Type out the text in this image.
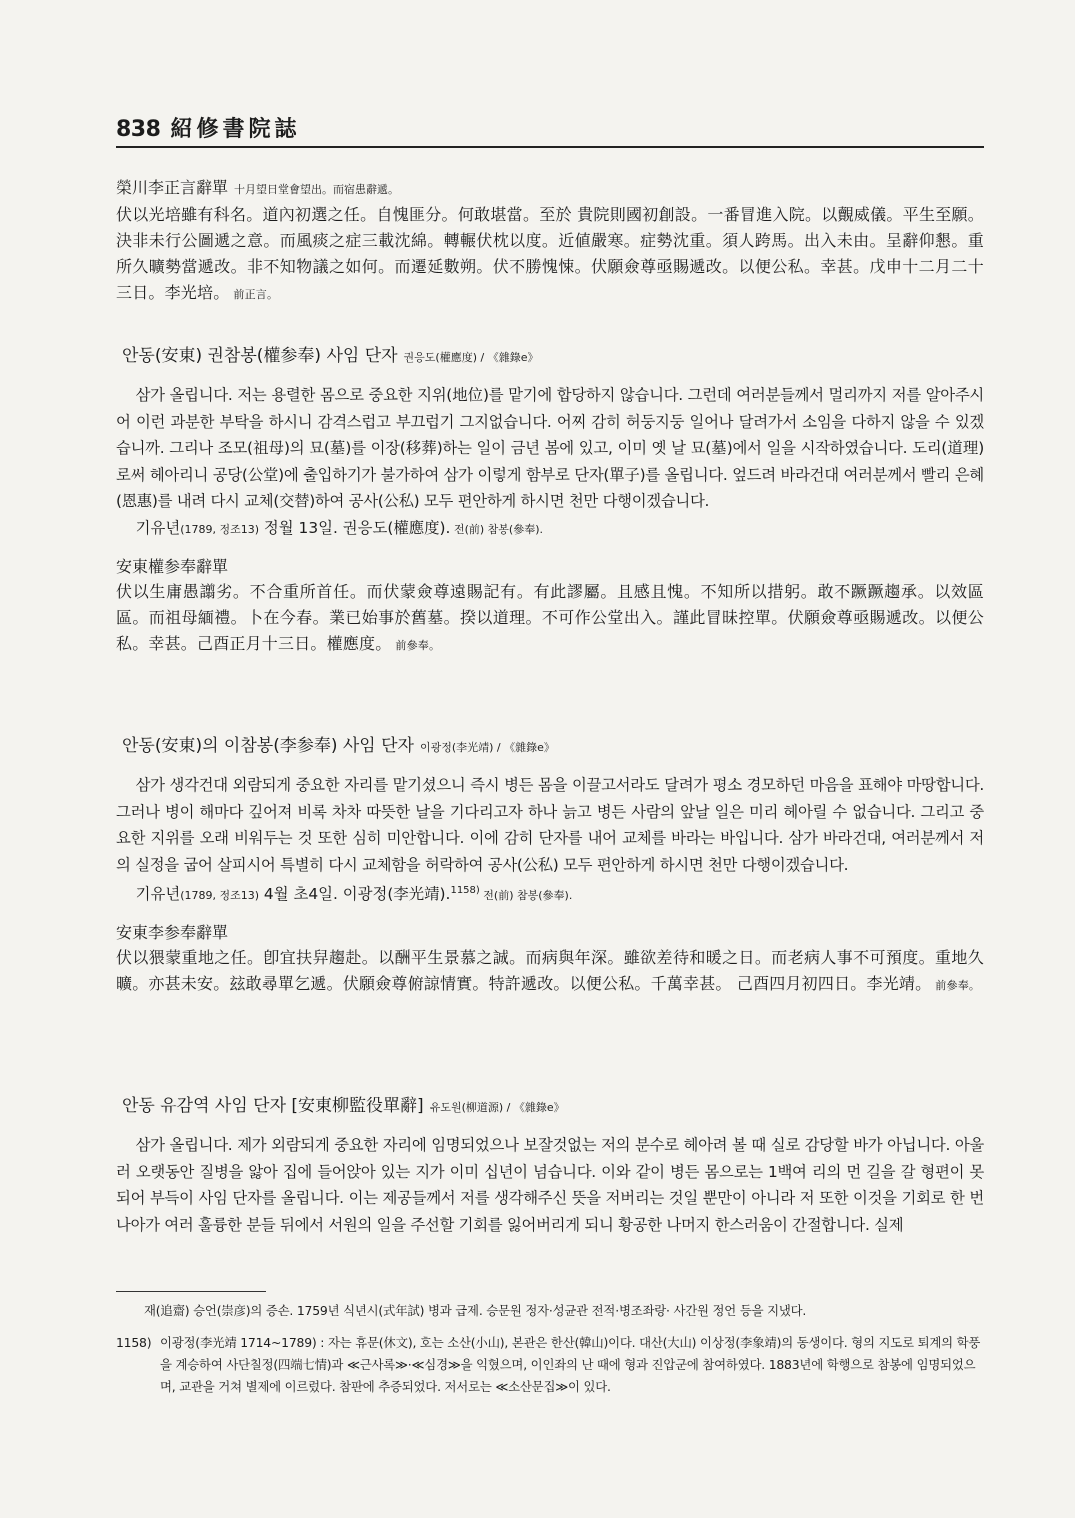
838 紹修書院誌

榮川李正言辭單 十月望日堂會望出。而宿患辭遞。

伏以光培雖有科名。道內初選之任。自愧匪分。何敢堪當。至於 貴院則國初創設。一番冒進入院。以覿威儀。平生至願。決非未行公圖遞之意。而風痰之症三載沈綿。轉輾伏枕以度。近値嚴寒。症勢沈重。須人跨馬。出入未由。呈辭仰懇。重所久曠勢當遞改。非不知物議之如何。而遷延數朔。伏不勝愧悚。伏願僉尊亟賜遞改。以便公私。幸甚。戊申十二月二十三日。李光培。 前正言。

안동(安東) 권참봉(權参奉) 사임 단자 권응도(權應度) / 《雜錄e》

삼가 올립니다. 저는 용렬한 몸으로 중요한 지위(地位)를 맡기에 합당하지 않습니다. 그런데 여러분들께서 멀리까지 저를 알아주시어 이런 과분한 부탁을 하시니 감격스럽고 부끄럽기 그지없습니다. 어찌 감히 허둥지둥 일어나 달려가서 소임을 다하지 않을 수 있겠습니까. 그리나 조모(祖母)의 묘(墓)를 이장(移葬)하는 일이 금년 봄에 있고, 이미 옛 날 묘(墓)에서 일을 시작하였습니다. 도리(道理)로써 헤아리니 공당(公堂)에 출입하기가 불가하여 삼가 이렇게 함부로 단자(單子)를 올립니다. 엎드려 바라건대 여러분께서 빨리 은혜(恩惠)를 내려 다시 교체(交替)하여 공사(公私) 모두 편안하게 하시면 천만 다행이겠습니다.

기유년(1789, 정조13) 정월 13일. 권응도(權應度). 전(前) 참봉(參奉).

安東權参奉辭單

伏以生庸愚譾劣。不合重所首任。而伏蒙僉尊遠賜記有。有此謬屬。且感且愧。不知所以措躬。敢不蹶蹶趨承。以效區區。而祖母緬禮。卜在今春。業已始事於舊墓。揆以道理。不可作公堂出入。謹此冒昧控單。伏願僉尊亟賜遞改。以便公私。幸甚。己酉正月十三日。權應度。 前參奉。

안동(安東)의 이참봉(李参奉) 사임 단자 이광정(李光靖) / 《雜錄e》

삼가 생각건대 외람되게 중요한 자리를 맡기셨으니 즉시 병든 몸을 이끌고서라도 달려가 평소 경모하던 마음을 표해야 마땅합니다. 그러나 병이 해마다 깊어져 비록 차차 따뜻한 날을 기다리고자 하나 늙고 병든 사람의 앞날 일은 미리 헤아릴 수 없습니다. 그리고 중요한 지위를 오래 비워두는 것 또한 심히 미안합니다. 이에 감히 단자를 내어 교체를 바라는 바입니다. 삼가 바라건대, 여러분께서 저의 실정을 굽어 살피시어 특별히 다시 교체함을 허락하여 공사(公私) 모두 편안하게 하시면 천만 다행이겠습니다.

기유년(1789, 정조13) 4월 초4일. 이광정(李光靖).$^{1158)}$ 전(前) 참봉(參奉).

安東李参奉辭單

伏以猥蒙重地之任。卽宜扶舁趨赴。以酬平生景慕之誠。而病與年深。雖欲差待和暖之日。而老病人事不可預度。重地久曠。亦甚未安。玆敢尋單乞遞。伏願僉尊俯諒情實。特許遞改。以便公私。千萬幸甚。 己酉四月初四日。李光靖。 前參奉。

안동 유감역 사임 단자 [安東柳監役單辭] 유도원(柳道源) / 《雜錄e》

삼가 올립니다. 제가 외람되게 중요한 자리에 임명되었으나 보잘것없는 저의 분수로 헤아려 볼 때 실로 감당할 바가 아닙니다. 아울러 오랫동안 질병을 앓아 집에 들어앉아 있는 지가 이미 십년이 넘습니다. 이와 같이 병든 몸으로는 1백여 리의 먼 길을 갈 형편이 못되어 부득이 사임 단자를 올립니다. 이는 제공들께서 저를 생각해주신 뜻을 저버리는 것일 뿐만이 아니라 저 또한 이것을 기회로 한 번 나아가 여러 훌륭한 분들 뒤에서 서원의 일을 주선할 기회를 잃어버리게 되니 황공한 나머지 한스러움이 간절합니다. 실제

재(追齋) 승언(崇彦)의 증손. 1759년 식년시(式年試) 병과 급제. 승문원 정자·성균관 전적·병조좌랑· 사간원 정언 등을 지냈다.

1158) 이광정(李光靖 1714~1789) : 자는 휴문(休文), 호는 소산(小山), 본관은 한산(韓山)이다. 대산(大山) 이상정(李象靖)의 동생이다. 형의 지도로 퇴계의 학풍을 계승하여 사단칠정(四端七情)과 ≪근사록≫·≪심경≫을 익혔으며, 이인좌의 난 때에 형과 진압군에 참여하였다. 1883년에 학행으로 참봉에 임명되었으며, 교관을 거쳐 별제에 이르렀다. 참판에 추증되었다. 저서로는 ≪소산문집≫이 있다.
